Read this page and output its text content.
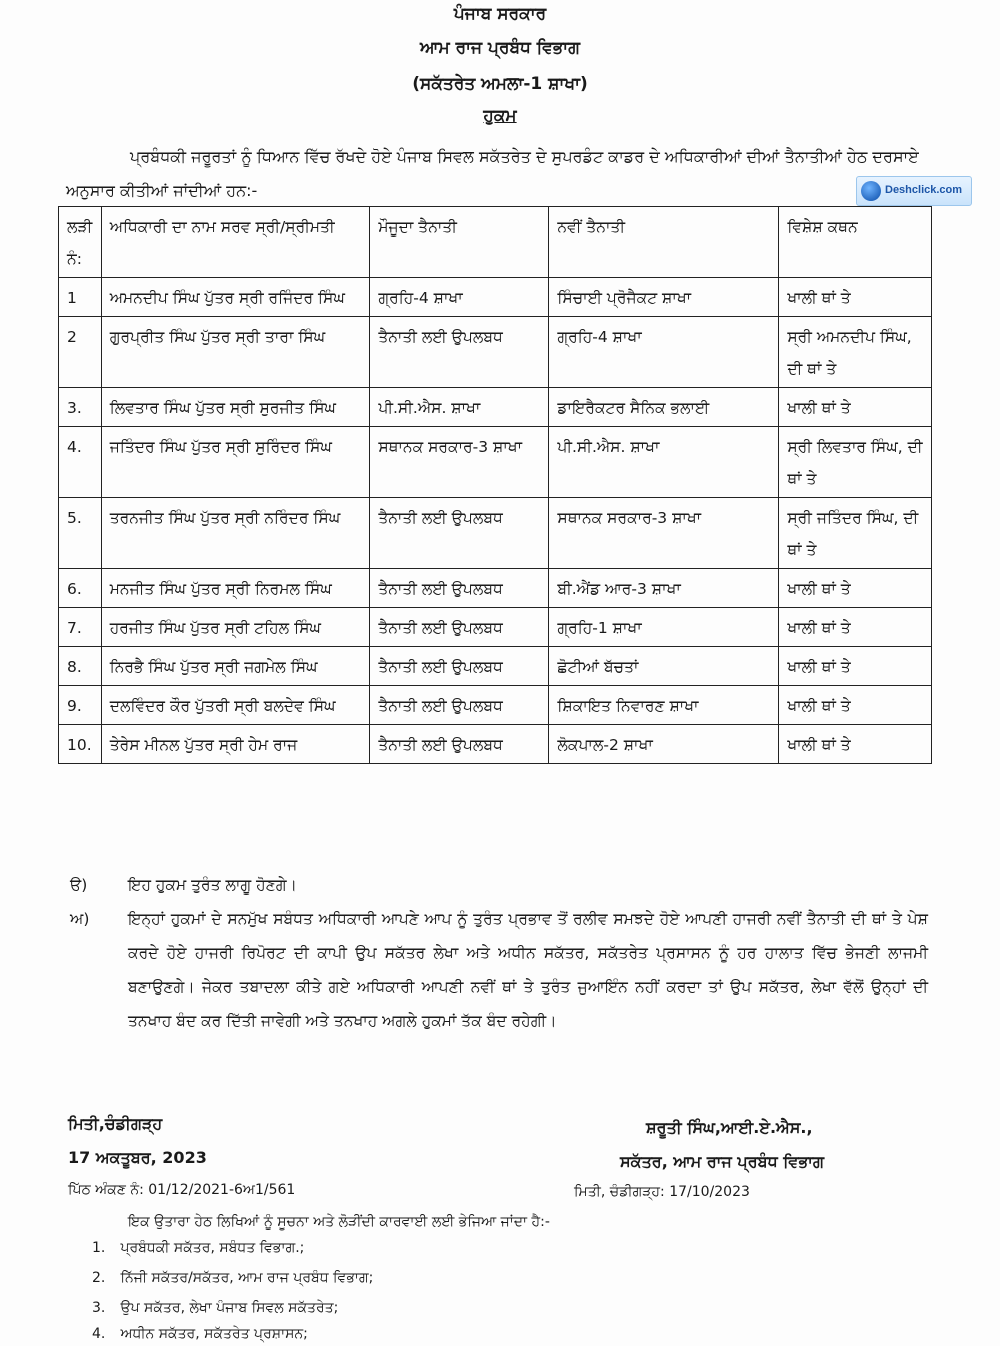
ਪੰਜਾਬ ਸਰਕਾਰ
ਆਮ ਰਾਜ ਪ੍ਰਬੰਧ ਵਿਭਾਗ
(ਸਕੱਤਰੇਤ ਅਮਲਾ-1 ਸ਼ਾਖਾ)
ਹੁਕਮ
ਪ੍ਰਬੰਧਕੀ ਜਰੂਰਤਾਂ ਨੂੰ ਧਿਆਨ ਵਿੱਚ ਰੱਖਦੇ ਹੋਏ ਪੰਜਾਬ ਸਿਵਲ ਸਕੱਤਰੇਤ ਦੇ ਸੁਪਰਡੰਟ ਕਾਡਰ ਦੇ ਅਧਿਕਾਰੀਆਂ ਦੀਆਂ ਤੈਨਾਤੀਆਂ ਹੇਠ ਦਰਸਾਏ ਅਨੁਸਾਰ ਕੀਤੀਆਂ ਜਾਂਦੀਆਂ ਹਨ:-	Deshclick.com
ਲੜੀ ਨੰ:	ਅਧਿਕਾਰੀ ਦਾ ਨਾਮ ਸਰਵ ਸ੍ਰੀ/ਸ੍ਰੀਮਤੀ	ਮੌਜੂਦਾ ਤੈਨਾਤੀ	ਨਵੀਂ ਤੈਨਾਤੀ	ਵਿਸ਼ੇਸ਼ ਕਥਨ
1	ਅਮਨਦੀਪ ਸਿੰਘ ਪੁੱਤਰ ਸ੍ਰੀ ਰਜਿੰਦਰ ਸਿੰਘ	ਗ੍ਰਹਿ-4 ਸ਼ਾਖਾ	ਸਿੰਚਾਈ ਪ੍ਰੋਜੈਕਟ ਸ਼ਾਖਾ	ਖਾਲੀ ਥਾਂ ਤੇ
2	ਗੁਰਪ੍ਰੀਤ ਸਿੰਘ ਪੁੱਤਰ ਸ੍ਰੀ ਤਾਰਾ ਸਿੰਘ	ਤੈਨਾਤੀ ਲਈ ਉਪਲਬਧ	ਗ੍ਰਹਿ-4 ਸ਼ਾਖਾ	ਸ੍ਰੀ ਅਮਨਦੀਪ ਸਿੰਘ, ਦੀ ਥਾਂ ਤੇ
3.	ਲਿਵਤਾਰ ਸਿੰਘ ਪੁੱਤਰ ਸ੍ਰੀ ਸੁਰਜੀਤ ਸਿੰਘ	ਪੀ.ਸੀ.ਐਸ. ਸ਼ਾਖਾ	ਡਾਇਰੈਕਟਰ ਸੈਨਿਕ ਭਲਾਈ	ਖਾਲੀ ਥਾਂ ਤੇ
4.	ਜਤਿੰਦਰ ਸਿੰਘ ਪੁੱਤਰ ਸ੍ਰੀ ਸੁਰਿੰਦਰ ਸਿੰਘ	ਸਥਾਨਕ ਸਰਕਾਰ-3 ਸ਼ਾਖਾ	ਪੀ.ਸੀ.ਐਸ. ਸ਼ਾਖਾ	ਸ੍ਰੀ ਲਿਵਤਾਰ ਸਿੰਘ, ਦੀ ਥਾਂ ਤੇ
5.	ਤਰਨਜੀਤ ਸਿੰਘ ਪੁੱਤਰ ਸ੍ਰੀ ਨਰਿੰਦਰ ਸਿੰਘ	ਤੈਨਾਤੀ ਲਈ ਉਪਲਬਧ	ਸਥਾਨਕ ਸਰਕਾਰ-3 ਸ਼ਾਖਾ	ਸ੍ਰੀ ਜਤਿੰਦਰ ਸਿੰਘ, ਦੀ ਥਾਂ ਤੇ
6.	ਮਨਜੀਤ ਸਿੰਘ ਪੁੱਤਰ ਸ੍ਰੀ ਨਿਰਮਲ ਸਿੰਘ	ਤੈਨਾਤੀ ਲਈ ਉਪਲਬਧ	ਬੀ.ਐਂਡ ਆਰ-3 ਸ਼ਾਖਾ	ਖਾਲੀ ਥਾਂ ਤੇ
7.	ਹਰਜੀਤ ਸਿੰਘ ਪੁੱਤਰ ਸ੍ਰੀ ਟਹਿਲ ਸਿੰਘ	ਤੈਨਾਤੀ ਲਈ ਉਪਲਬਧ	ਗ੍ਰਹਿ-1 ਸ਼ਾਖਾ	ਖਾਲੀ ਥਾਂ ਤੇ
8.	ਨਿਰਭੈ ਸਿੰਘ ਪੁੱਤਰ ਸ੍ਰੀ ਜਗਮੇਲ ਸਿੰਘ	ਤੈਨਾਤੀ ਲਈ ਉਪਲਬਧ	ਛੋਟੀਆਂ ਬੱਚਤਾਂ	ਖਾਲੀ ਥਾਂ ਤੇ
9.	ਦਲਵਿੰਦਰ ਕੌਰ ਪੁੱਤਰੀ ਸ੍ਰੀ ਬਲਦੇਵ ਸਿੰਘ	ਤੈਨਾਤੀ ਲਈ ਉਪਲਬਧ	ਸ਼ਿਕਾਇਤ ਨਿਵਾਰਣ ਸ਼ਾਖਾ	ਖਾਲੀ ਥਾਂ ਤੇ
10.	ਤੇਰੇਸ ਮੀਨਲ ਪੁੱਤਰ ਸ੍ਰੀ ਹੇਮ ਰਾਜ	ਤੈਨਾਤੀ ਲਈ ਉਪਲਬਧ	ਲੋਕਪਾਲ-2 ਸ਼ਾਖਾ	ਖਾਲੀ ਥਾਂ ਤੇ
ੳ)	ਇਹ ਹੁਕਮ ਤੁਰੰਤ ਲਾਗੂ ਹੋਣਗੇ।
ਅ) ਇਨ੍ਹਾਂ ਹੁਕਮਾਂ ਦੇ ਸਨਮੁੱਖ ਸਬੰਧਤ ਅਧਿਕਾਰੀ ਆਪਣੇ ਆਪ ਨੂੰ ਤੁਰੰਤ ਪ੍ਰਭਾਵ ਤੋਂ ਰਲੀਵ ਸਮਝਦੇ ਹੋਏ ਆਪਣੀ ਹਾਜਰੀ ਨਵੀਂ ਤੈਨਾਤੀ ਦੀ ਥਾਂ ਤੇ ਪੇਸ਼ ਕਰਦੇ ਹੋਏ ਹਾਜਰੀ ਰਿਪੋਰਟ ਦੀ ਕਾਪੀ ਉਪ ਸਕੱਤਰ ਲੇਖਾ ਅਤੇ ਅਧੀਨ ਸਕੱਤਰ, ਸਕੱਤਰੇਤ ਪ੍ਰਸਾਸਨ ਨੂੰ ਹਰ ਹਾਲਾਤ ਵਿੱਚ ਭੇਜਣੀ ਲਾਜਮੀ ਬਣਾਉਣਗੇ। ਜੇਕਰ ਤਬਾਦਲਾ ਕੀਤੇ ਗਏ ਅਧਿਕਾਰੀ ਆਪਣੀ ਨਵੀਂ ਥਾਂ ਤੇ ਤੁਰੰਤ ਜੁਆਇੰਨ ਨਹੀਂ ਕਰਦਾ ਤਾਂ ਉਪ ਸਕੱਤਰ, ਲੇਖਾ ਵੱਲੋਂ ਉਨ੍ਹਾਂ ਦੀ ਤਨਖਾਹ ਬੰਦ ਕਰ ਦਿੱਤੀ ਜਾਵੇਗੀ ਅਤੇ ਤਨਖਾਹ ਅਗਲੇ ਹੁਕਮਾਂ ਤੱਕ ਬੰਦ ਰਹੇਗੀ।
ਮਿਤੀ,ਚੰਡੀਗੜ੍ਹ
17 ਅਕਤੂਬਰ, 2023
ਸ਼ਰੂਤੀ ਸਿੰਘ,ਆਈ.ਏ.ਐਸ.,
ਸਕੱਤਰ, ਆਮ ਰਾਜ ਪ੍ਰਬੰਧ ਵਿਭਾਗ
ਪਿੱਠ ਅੰਕਣ ਨੰ: 01/12/2021-6ਅ1/561	ਮਿਤੀ, ਚੰਡੀਗੜ੍ਹ: 17/10/2023
ਇਕ ਉਤਾਰਾ ਹੇਠ ਲਿਖਿਆਂ ਨੂੰ ਸੂਚਨਾ ਅਤੇ ਲੋੜੀਂਦੀ ਕਾਰਵਾਈ ਲਈ ਭੇਜਿਆ ਜਾਂਦਾ ਹੈ:-
1. ਪ੍ਰਬੰਧਕੀ ਸਕੱਤਰ, ਸਬੰਧਤ ਵਿਭਾਗ.;
2. ਨਿੱਜੀ ਸਕੱਤਰ/ਸਕੱਤਰ, ਆਮ ਰਾਜ ਪ੍ਰਬੰਧ ਵਿਭਾਗ;
3. ਉਪ ਸਕੱਤਰ, ਲੇਖਾ ਪੰਜਾਬ ਸਿਵਲ ਸਕੱਤਰੇਤ;
4. ਅਧੀਨ ਸਕੱਤਰ, ਸਕੱਤਰੇਤ ਪ੍ਰਸ਼ਾਸਨ;
